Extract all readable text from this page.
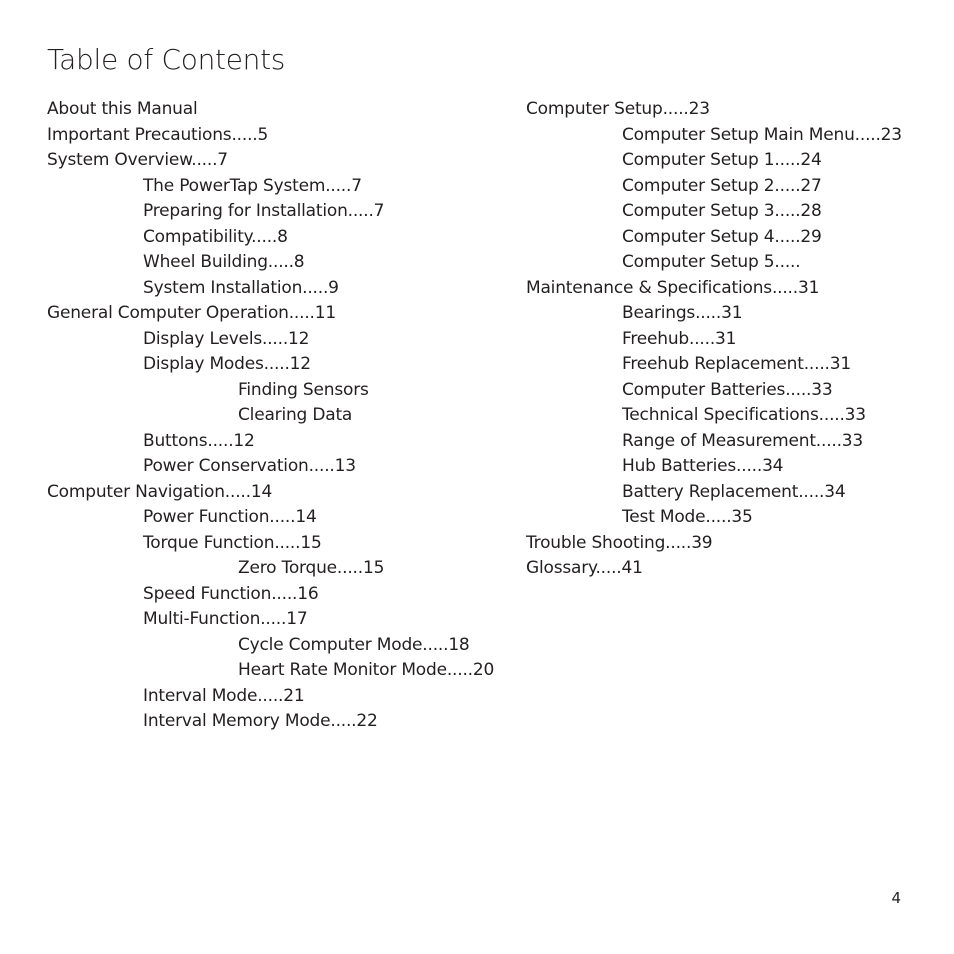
Table of Contents
About this Manual
Important Precautions.....5
System Overview.....7
The PowerTap System.....7
Preparing for Installation.....7
Compatibility.....8
Wheel Building.....8
System Installation.....9
General Computer Operation.....11
Display Levels.....12
Display Modes.....12
Finding Sensors
Clearing Data
Buttons.....12
Power Conservation.....13
Computer Navigation.....14
Power Function.....14
Torque Function.....15
Zero Torque.....15
Speed Function.....16
Multi-Function.....17
Cycle Computer Mode.....18
Heart Rate Monitor Mode.....20
Interval Mode.....21
Interval Memory Mode.....22
Computer Setup.....23
Computer Setup Main Menu.....23
Computer Setup 1.....24
Computer Setup 2.....27
Computer Setup 3.....28
Computer Setup 4.....29
Computer Setup 5.....
Maintenance & Specifications.....31
Bearings.....31
Freehub.....31
Freehub Replacement.....31
Computer Batteries.....33
Technical Specifications.....33
Range of Measurement.....33
Hub Batteries.....34
Battery Replacement.....34
Test Mode.....35
Trouble Shooting.....39
Glossary.....41
4
